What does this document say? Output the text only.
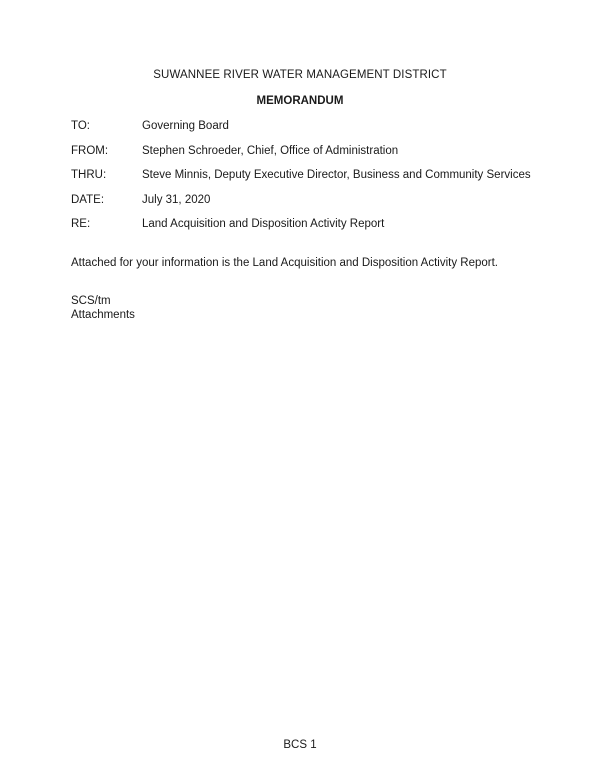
SUWANNEE RIVER WATER MANAGEMENT DISTRICT
MEMORANDUM
TO:	Governing Board
FROM:	Stephen Schroeder, Chief, Office of Administration
THRU:	Steve Minnis, Deputy Executive Director, Business and Community Services
DATE:	July 31, 2020
RE:	Land Acquisition and Disposition Activity Report
Attached for your information is the Land Acquisition and Disposition Activity Report.
SCS/tm
Attachments
BCS 1
